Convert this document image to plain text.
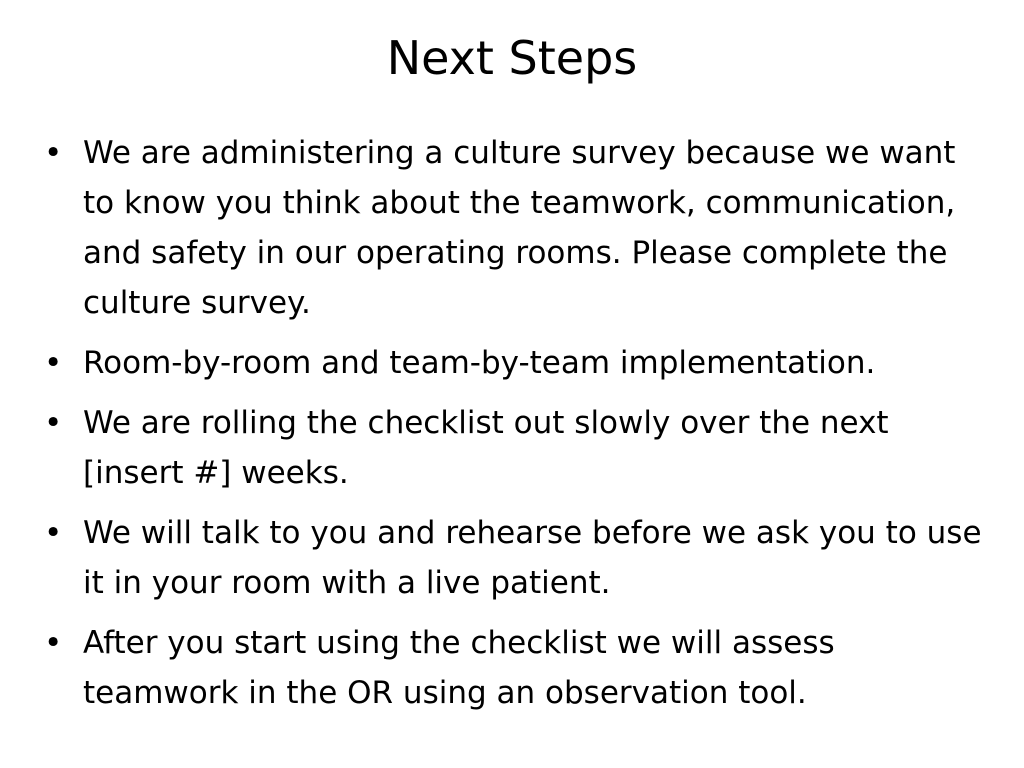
Next Steps
• We are administering a culture survey because we want to know you think about the teamwork, communication, and safety in our operating rooms. Please complete the culture survey.
• Room-by-room and team-by-team implementation.
• We are rolling the checklist out slowly over the next [insert #] weeks.
• We will talk to you and rehearse before we ask you to use it in your room with a live patient.
• After you start using the checklist we will assess teamwork in the OR using an observation tool.
